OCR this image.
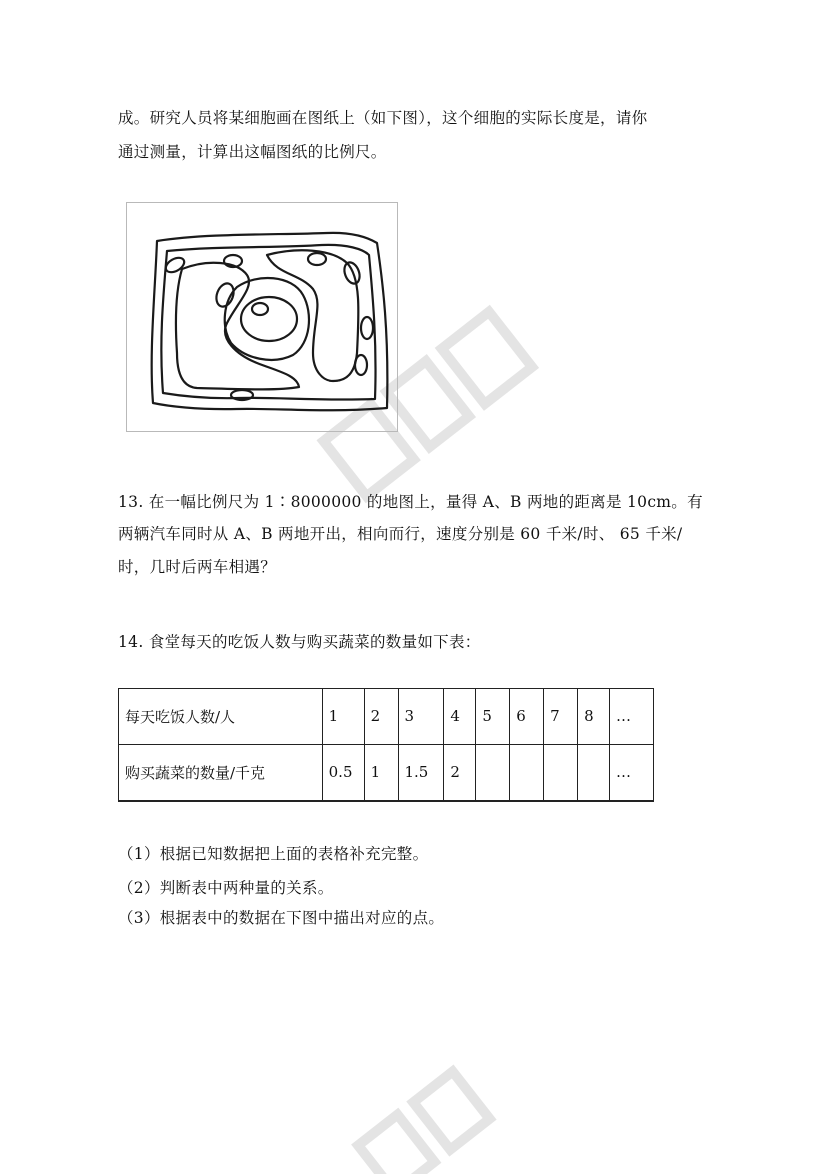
成。研究人员将某细胞画在图纸上（如下图），这个细胞的实际长度是，请你
通过测量，计算出这幅图纸的比例尺。
13. 在一幅比例尺为 1∶8000000 的地图上，量得 A、B 两地的距离是 10cm。有
两辆汽车同时从 A、B 两地开出，相向而行，速度分别是 60 千米/时、 65 千米/
时，几时后两车相遇？
14. 食堂每天的吃饭人数与购买蔬菜的数量如下表：
每天吃饭人数/人	1	2	3	4	5	6	7	8	…
购买蔬菜的数量/千克	0.5	1	1.5	2					…
（1）根据已知数据把上面的表格补充完整。
（2）判断表中两种量的关系。
（3）根据表中的数据在下图中描出对应的点。
